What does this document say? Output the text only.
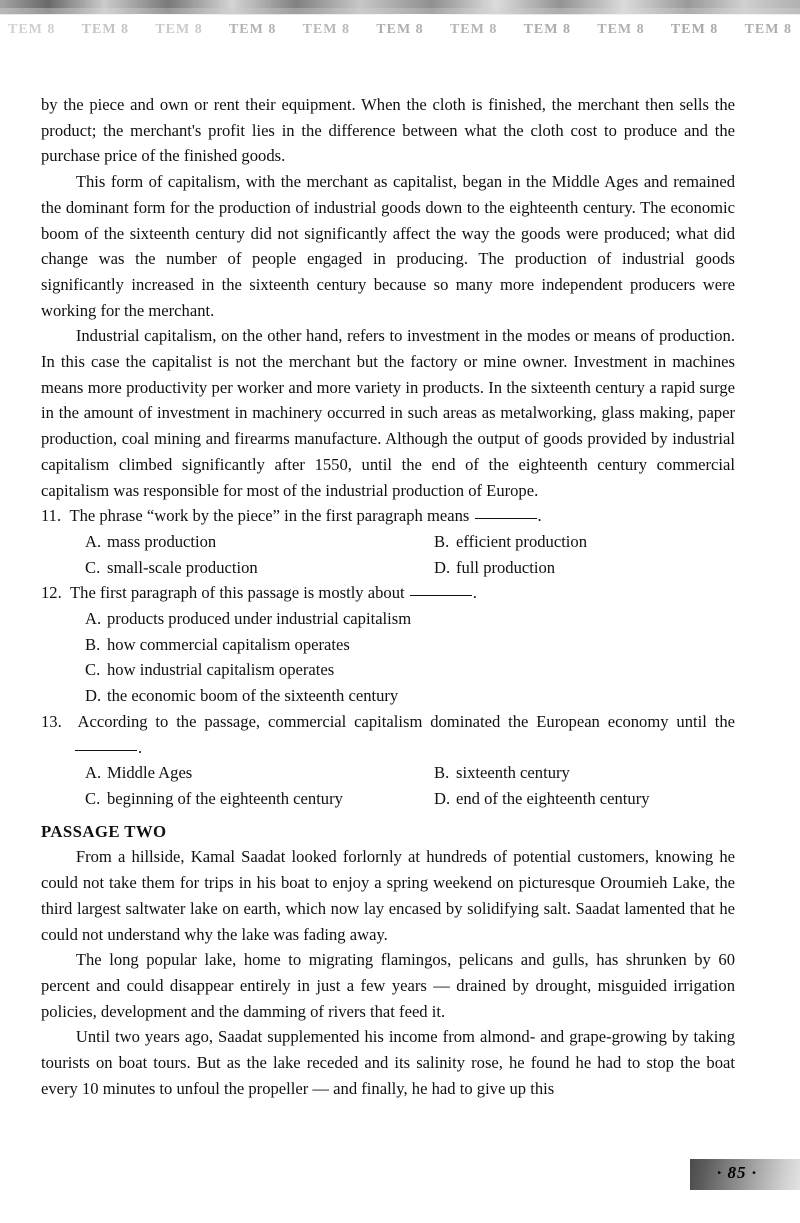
TEM 8 TEM 8 TEM 8 TEM 8 TEM 8 TEM 8 TEM 8 TEM 8 TEM 8 TEM 8 TEM 8

by the piece and own or rent their equipment. When the cloth is finished, the merchant then sells the product; the merchant's profit lies in the difference between what the cloth cost to produce and the purchase price of the finished goods.

This form of capitalism, with the merchant as capitalist, began in the Middle Ages and remained the dominant form for the production of industrial goods down to the eighteenth century. The economic boom of the sixteenth century did not significantly affect the way the goods were produced; what did change was the number of people engaged in producing. The production of industrial goods significantly increased in the sixteenth century because so many more independent producers were working for the merchant.

Industrial capitalism, on the other hand, refers to investment in the modes or means of production. In this case the capitalist is not the merchant but the factory or mine owner. Investment in machines means more productivity per worker and more variety in products. In the sixteenth century a rapid surge in the amount of investment in machinery occurred in such areas as metalworking, glass making, paper production, coal mining and firearms manufacture. Although the output of goods provided by industrial capitalism climbed significantly after 1550, until the end of the eighteenth century commercial capitalism was responsible for most of the industrial production of Europe.

11. The phrase “work by the piece” in the first paragraph means	.
A. mass production	B. efficient production
C. small-scale production	D. full production
12. The first paragraph of this passage is mostly about	.
A. products produced under industrial capitalism
B. how commercial capitalism operates
C. how industrial capitalism operates
D. the economic boom of the sixteenth century
13. According to the passage, commercial capitalism dominated the European economy until the .
A. Middle Ages	B. sixteenth century
C. beginning of the eighteenth century	D. end of the eighteenth century
PASSAGE TWO

From a hillside, Kamal Saadat looked forlornly at hundreds of potential customers, knowing he could not take them for trips in his boat to enjoy a spring weekend on picturesque Oroumieh Lake, the third largest saltwater lake on earth, which now lay encased by solidifying salt. Saadat lamented that he could not understand why the lake was fading away.

The long popular lake, home to migrating flamingos, pelicans and gulls, has shrunken by 60 percent and could disappear entirely in just a few years — drained by drought, misguided irrigation policies, development and the damming of rivers that feed it.

Until two years ago, Saadat supplemented his income from almond- and grape-growing by taking tourists on boat tours. But as the lake receded and its salinity rose, he found he had to stop the boat every 10 minutes to unfoul the propeller — and finally, he had to give up this

· 85 ·
